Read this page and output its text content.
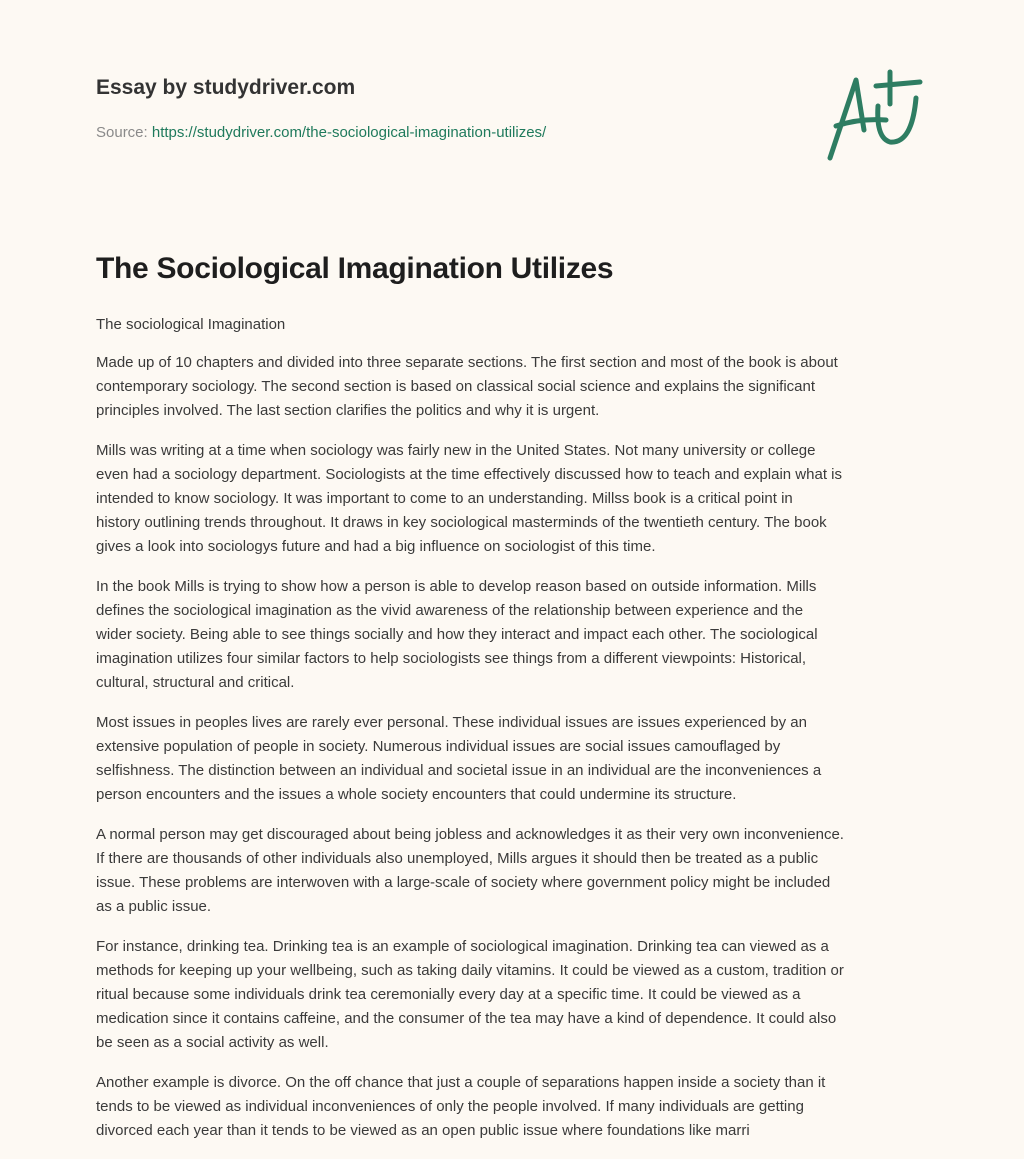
Essay by studydriver.com
Source: https://studydriver.com/the-sociological-imagination-utilizes/
The Sociological Imagination Utilizes
The sociological Imagination

Made up of 10 chapters and divided into three separate sections. The first section and most of the book is about
contemporary sociology. The second section is based on classical social science and explains the significant
principles involved. The last section clarifies the politics and why it is urgent.

Mills was writing at a time when sociology was fairly new in the United States. Not many university or college
even had a sociology department. Sociologists at the time effectively discussed how to teach and explain what is
intended to know sociology. It was important to come to an understanding. Millss book is a critical point in
history outlining trends throughout. It draws in key sociological masterminds of the twentieth century. The book
gives a look into sociologys future and had a big influence on sociologist of this time.

In the book Mills is trying to show how a person is able to develop reason based on outside information. Mills
defines the sociological imagination as the vivid awareness of the relationship between experience and the
wider society. Being able to see things socially and how they interact and impact each other. The sociological
imagination utilizes four similar factors to help sociologists see things from a different viewpoints: Historical,
cultural, structural and critical.

Most issues in peoples lives are rarely ever personal. These individual issues are issues experienced by an
extensive population of people in society. Numerous individual issues are social issues camouflaged by
selfishness. The distinction between an individual and societal issue in an individual are the inconveniences a
person encounters and the issues a whole society encounters that could undermine its structure.

A normal person may get discouraged about being jobless and acknowledges it as their very own inconvenience.
If there are thousands of other individuals also unemployed, Mills argues it should then be treated as a public
issue. These problems are interwoven with a large-scale of society where government policy might be included
as a public issue.

For instance, drinking tea. Drinking tea is an example of sociological imagination. Drinking tea can viewed as a
methods for keeping up your wellbeing, such as taking daily vitamins. It could be viewed as a custom, tradition or
ritual because some individuals drink tea ceremonially every day at a specific time. It could be viewed as a
medication since it contains caffeine, and the consumer of the tea may have a kind of dependence. It could also
be seen as a social activity as well.

Another example is divorce. On the off chance that just a couple of separations happen inside a society than it
tends to be viewed as individual inconveniences of only the people involved. If many individuals are getting
divorced each year than it tends to be viewed as an open public issue where foundations like marri
